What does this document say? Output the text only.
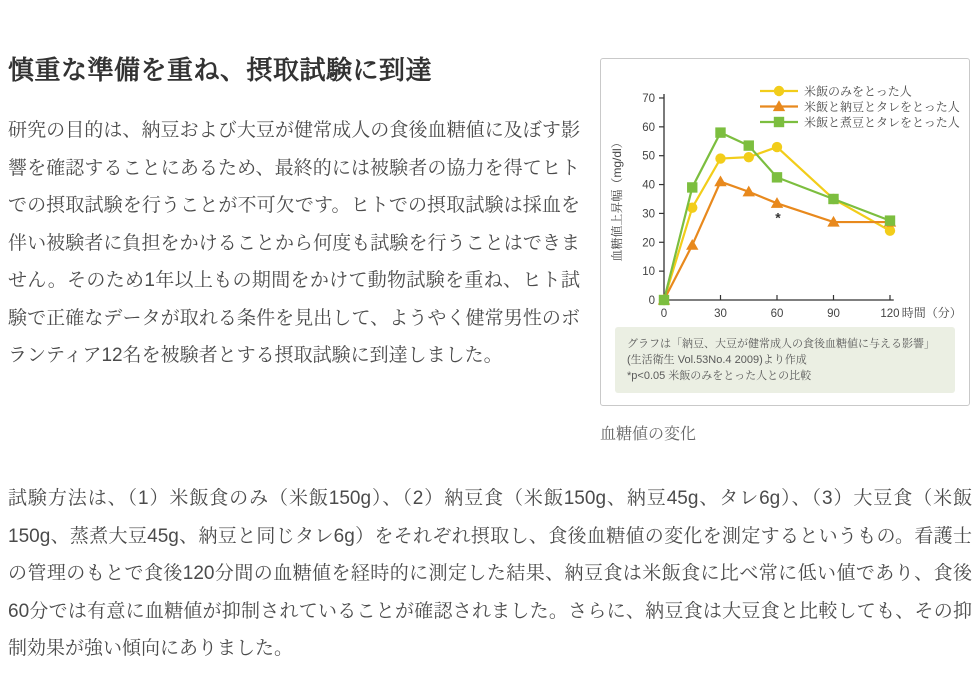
慎重な準備を重ね、摂取試験に到達

研究の目的は、納豆および大豆が健常成人の食後血糖値に及ぼす影響を確認することにあるため、最終的には被験者の協力を得てヒトでの摂取試験を行うことが不可欠です。ヒトでの摂取試験は採血を伴い被験者に負担をかけることから何度も試験を行うことはできません。そのため1年以上もの期間をかけて動物試験を重ね、ヒト試験で正確なデータが取れる条件を見出して、ようやく健常男性のボランティア12名を被験者とする摂取試験に到達しました。

0
10
20
30
40
50
60
70
0	30	60	90	120 時間（分）
血糖値上昇幅（mg/dl）	*
米飯のみをとった人
米飯と納豆とタレをとった人
米飯と煮豆とタレをとった人
グラフは「納豆、大豆が健常成人の食後血糖値に与える影響」
(生活衛生 Vol.53No.4 2009)より作成
*p<0.05 米飯のみをとった人との比較
血糖値の変化

試験方法は、（1）米飯食のみ（米飯150g）、（2）納豆食（米飯150g、納豆45g、タレ6g）、（3）大豆食（米飯150g、蒸煮大豆45g、納豆と同じタレ6g）をそれぞれ摂取し、食後血糖値の変化を測定するというもの。看護士の管理のもとで食後120分間の血糖値を経時的に測定した結果、納豆食は米飯食に比べ常に低い値であり、食後60分では有意に血糖値が抑制されていることが確認されました。さらに、納豆食は大豆食と比較しても、その抑制効果が強い傾向にありました。
